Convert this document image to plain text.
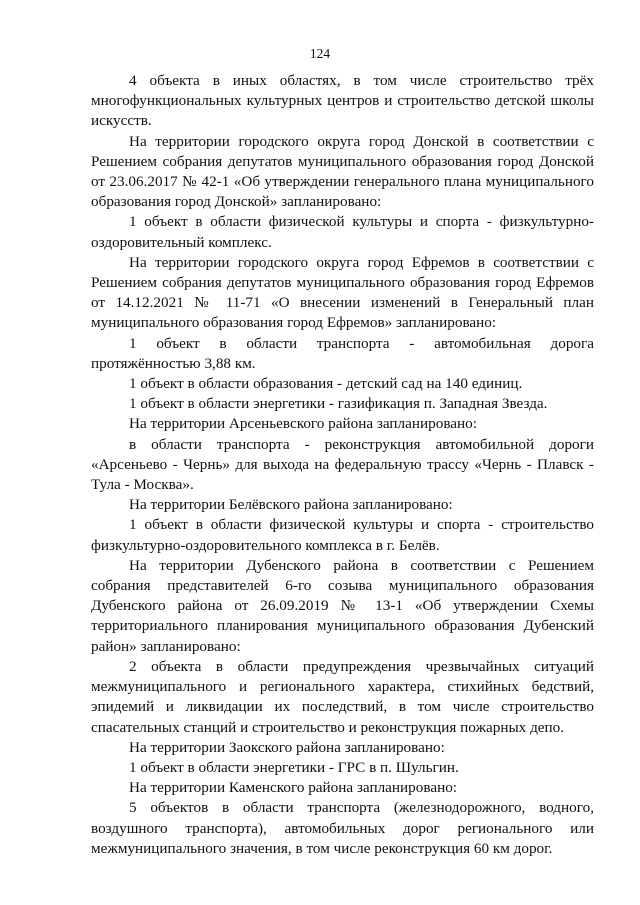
124

4 объекта в иных областях, в том числе строительство трёх многофункциональных культурных центров и строительство детской школы искусств.

На территории городского округа город Донской в соответствии с Решением собрания депутатов муниципального образования город Донской от 23.06.2017 № 42-1 «Об утверждении генерального плана муниципального образования город Донской» запланировано:

1 объект в области физической культуры и спорта - физкультурно-оздоровительный комплекс.

На территории городского округа город Ефремов в соответствии с Решением собрания депутатов муниципального образования город Ефремов от 14.12.2021 № 11-71 «О внесении изменений в Генеральный план муниципального образования город Ефремов» запланировано:

1 объект в области транспорта - автомобильная дорога протяжённостью 3,88 км.

1 объект в области образования - детский сад на 140 единиц.

1 объект в области энергетики - газификация п. Западная Звезда.

На территории Арсеньевского района запланировано:

в области транспорта - реконструкция автомобильной дороги «Арсеньево - Чернь» для выхода на федеральную трассу «Чернь - Плавск - Тула - Москва».

На территории Белёвского района запланировано:

1 объект в области физической культуры и спорта - строительство физкультурно-оздоровительного комплекса в г. Белёв.

На территории Дубенского района в соответствии с Решением собрания представителей 6-го созыва муниципального образования Дубенского района от 26.09.2019 № 13-1 «Об утверждении Схемы территориального планирования муниципального образования Дубенский район» запланировано:

2 объекта в области предупреждения чрезвычайных ситуаций межмуниципального и регионального характера, стихийных бедствий, эпидемий и ликвидации их последствий, в том числе строительство спасательных станций и строительство и реконструкция пожарных депо.

На территории Заокского района запланировано:

1 объект в области энергетики - ГРС в п. Шульгин.

На территории Каменского района запланировано:

5 объектов в области транспорта (железнодорожного, водного, воздушного транспорта), автомобильных дорог регионального или межмуниципального значения, в том числе реконструкция 60 км дорог.
